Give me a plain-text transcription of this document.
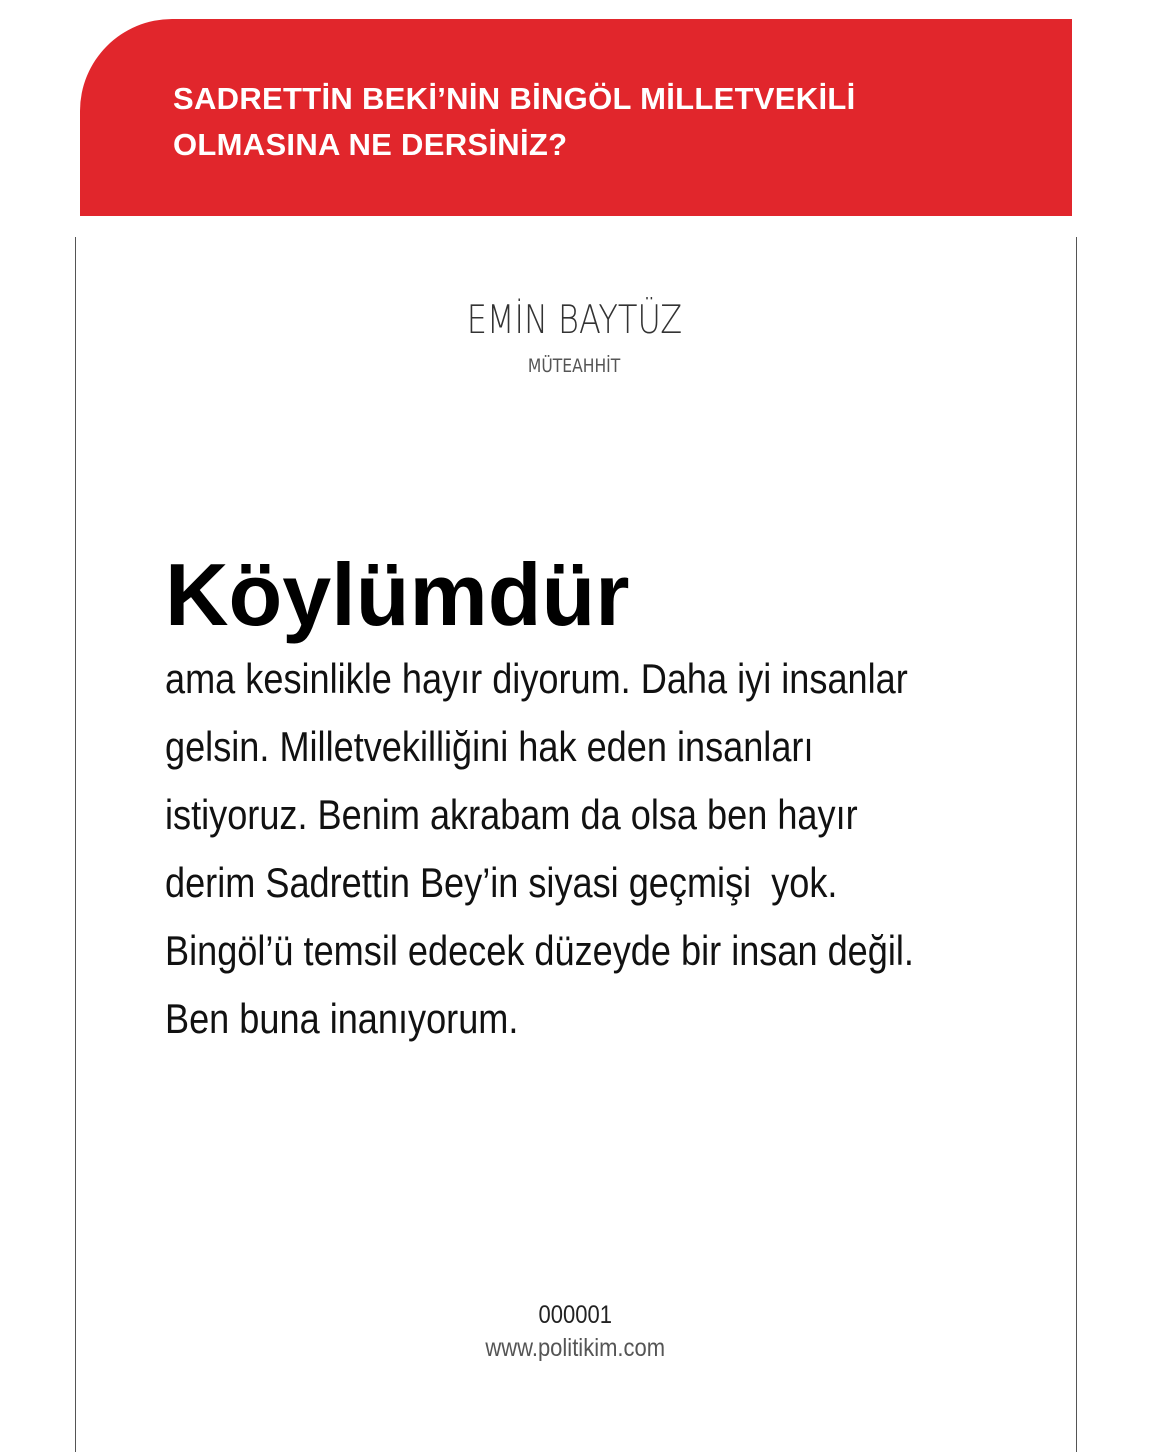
SADRETTİN BEKİ’NİN BİNGÖL MİLLETVEKİLİ
OLMASINA NE DERSİNİZ?
EMİN BAYTÜZ
MÜTEAHHİT
Köylümdür

ama kesinlikle hayır diyorum. Daha iyi insanlar
gelsin. Milletvekilliğini hak eden insanları
istiyoruz. Benim akrabam da olsa ben hayır
derim Sadrettin Bey’in siyasi geçmişi  yok.
Bingöl’ü temsil edecek düzeyde bir insan değil.
Ben buna inanıyorum.

000001
www.politikim.com
